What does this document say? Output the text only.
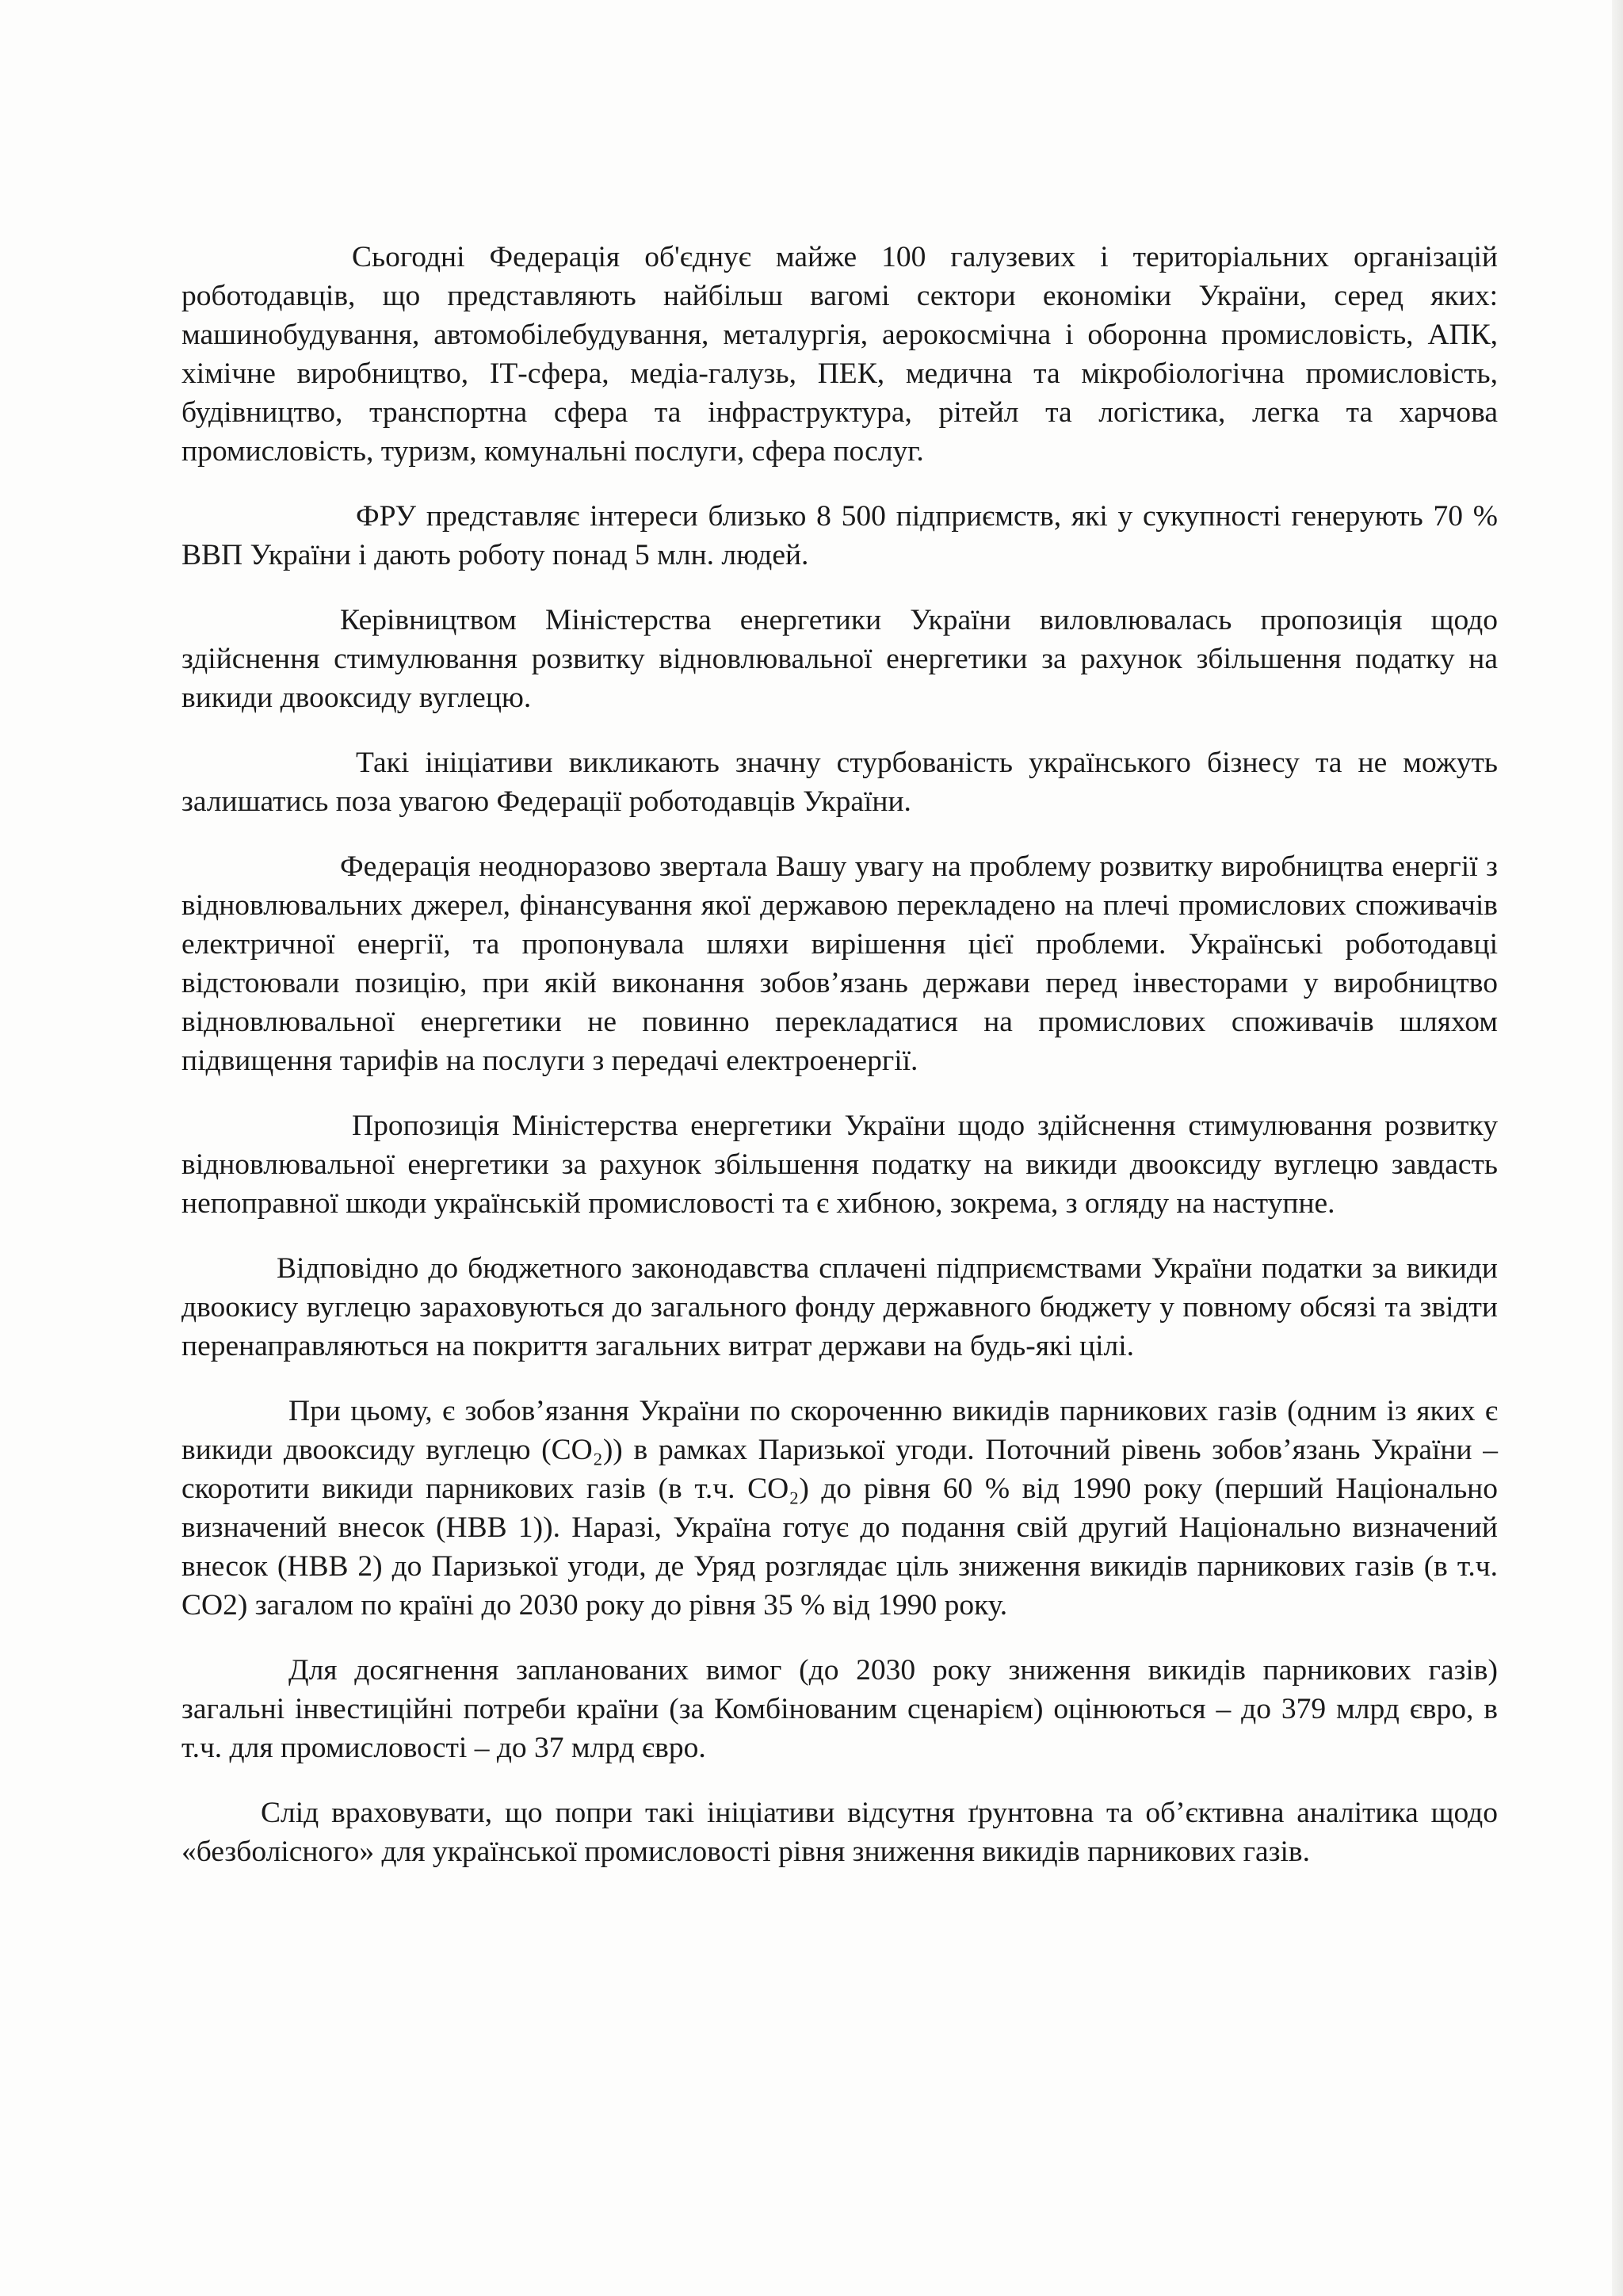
Сьогодні Федерація об'єднує майже 100 галузевих і територіальних організацій роботодавців, що представляють найбільш вагомі сектори економіки України, серед яких: машинобудування, автомобілебудування, металургія, аерокосмічна і оборонна промисловість, АПК, хімічне виробництво, ІТ-сфера, медіа-галузь, ПЕК, медична та мікробіологічна промисловість, будівництво, транспортна сфера та інфраструктура, рітейл та логістика, легка та харчова промисловість, туризм, комунальні послуги, сфера послуг.

ФРУ представляє інтереси близько 8 500 підприємств, які у сукупності генерують 70 % ВВП України і дають роботу понад 5 млн. людей.

Керівництвом Міністерства енергетики України виловлювалась пропозиція щодо здійснення стимулювання розвитку відновлювальної енергетики за рахунок збільшення податку на викиди двооксиду вуглецю.

Такі ініціативи викликають значну стурбованість українського бізнесу та не можуть залишатись поза увагою Федерації роботодавців України.

Федерація неодноразово звертала Вашу увагу на проблему розвитку виробництва енергії з відновлювальних джерел, фінансування якої державою перекладено на плечі промислових споживачів електричної енергії, та пропонувала шляхи вирішення цієї проблеми. Українські роботодавці відстоювали позицію, при якій виконання зобов’язань держави перед інвесторами у виробництво відновлювальної енергетики не повинно перекладатися на промислових споживачів шляхом підвищення тарифів на послуги з передачі електроенергії.

Пропозиція Міністерства енергетики України щодо здійснення стимулювання розвитку відновлювальної енергетики за рахунок збільшення податку на викиди двооксиду вуглецю завдасть непоправної шкоди українській промисловості та є хибною, зокрема, з огляду на наступне.

Відповідно до бюджетного законодавства сплачені підприємствами України податки за викиди двоокису вуглецю зараховуються до загального фонду державного бюджету у повному обсязі та звідти перенаправляються на покриття загальних витрат держави на будь-які цілі.

При цьому, є зобов’язання України по скороченню викидів парникових газів (одним із яких є викиди двооксиду вуглецю (CO₂)) в рамках Паризької угоди. Поточний рівень зобов’язань України – скоротити викиди парникових газів (в т.ч. CO₂) до рівня 60 % від 1990 року (перший Національно визначений внесок (НВВ 1)). Наразі, Україна готує до подання свій другий Національно визначений внесок (НВВ 2) до Паризької угоди, де Уряд розглядає ціль зниження викидів парникових газів (в т.ч. CO2) загалом по країні до 2030 року до рівня 35 % від 1990 року.

Для досягнення запланованих вимог (до 2030 року зниження викидів парникових газів) загальні інвестиційні потреби країни (за Комбінованим сценарієм) оцінюються – до 379 млрд євро, в т.ч. для промисловості – до 37 млрд євро.

Слід враховувати, що попри такі ініціативи відсутня ґрунтовна та об’єктивна аналітика щодо «безболісного» для української промисловості рівня зниження викидів парникових газів.
